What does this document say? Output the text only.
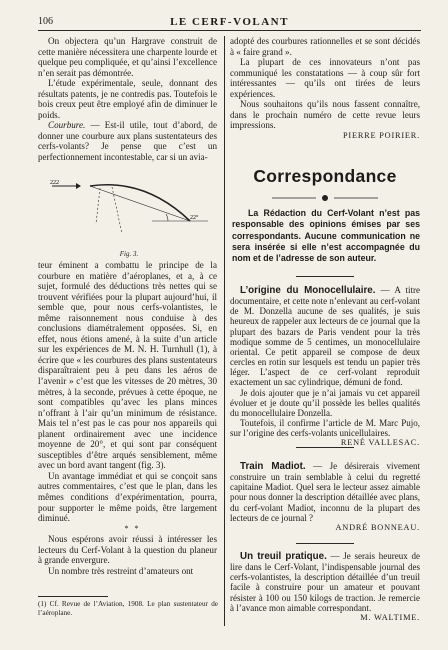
106	LE CERF-VOLANT

On objectera qu’un Hargrave construit de cette manière nécessitera une charpente lourde et quelque peu compliquée, et qu’ainsi l’excellence n’en serait pas démontrée.

L’étude expérimentale, seule, donnant des résultats patents, je ne contredis pas. Toutefois le bois creux peut être employé afin de diminuer le poids.

Courbure. — Est-il utile, tout d’abord, de donner une courbure aux plans sustentateurs des cerfs-volants? Je pense que c’est un perfectionnement incontestable, car si un avia-

222
22°
Fig. 3.

teur éminent a combattu le principe de la courbure en matière d’aéroplanes, et a, à ce sujet, formulé des déductions très nettes qui se trouvent vérifiées pour la plupart aujourd’hui, il semble que, pour nous cerfs-volantistes, le même raisonnement nous conduise à des conclusions diamétralement opposées. Si, en effet, nous étions amené, à la suite d’un article sur les expériences de M. N. H. Turnhull (1), à écrire que « les courbures des plans sustentateurs disparaîtraient peu à peu dans les aéros de l’avenir » c’est que les vitesses de 20 mètres, 30 mètres, à la seconde, prévues à cette époque, ne sont compatibles qu’avec les plans minces n’offrant à l’air qu’un minimum de résistance. Mais tel n’est pas le cas pour nos appareils qui planent ordinairement avec une incidence moyenne de 20°, et qui sont par conséquent susceptibles d’être arqués sensiblement, même avec un bord avant tangent (fig. 3).

Un avantage immédiat et qui se conçoit sans autres commentaires, c’est que le plan, dans les mêmes conditions d’expérimentation, pourra, pour supporter le même poids, être largement diminué.

* *

Nous espérons avoir réussi à intéresser les lecteurs du Cerf-Volant à la question du planeur à grande envergure.

Un nombre très restreint d’amateurs ont

(1) Cf. Revue de l’Aviation, 1908. Le plan sustentateur de l’aéroplane.

adopté des courbures rationnelles et se sont décidés à « faire grand ».

La plupart de ces innovateurs n’ont pas communiqué les constatations — à coup sûr fort intéressantes — qu’ils ont tirées de leurs expériences.

Nous souhaitons qu’ils nous fassent connaître, dans le prochain numéro de cette revue leurs impressions.

PIERRE POIRIER.

Correspondance

La Rédaction du Cerf-Volant n’est pas responsable des opinions émises par ses correspondants. Aucune communication ne sera insérée si elle n’est accompagnée du nom et de l’adresse de son auteur.

L’origine du Monocellulaire. — A titre documentaire, et cette note n’enlevant au cerf-volant de M. Donzella aucune de ses qualités, je suis heureux de rappeler aux lecteurs de ce journal que la plupart des bazars de Paris vendent pour la très modique somme de 5 centimes, un monocellulaire oriental. Ce petit appareil se compose de deux cercles en rotin sur lesquels est tendu un papier très léger. L’aspect de ce cerf-volant reproduit exactement un sac cylindrique, démuni de fond.

Je dois ajouter que je n’ai jamais vu cet appareil évoluer et je doute qu’il possède les belles qualités du monocellulaire Donzella.

Toutefois, il confirme l’article de M. Marc Pujo, sur l’origine des cerfs-volants unicellulaires.

RENÉ VALLESAC.

Train Madiot. — Je désirerais vivement construire un train semblable à celui du regretté capitaine Madiot. Quel sera le lecteur assez aimable pour nous donner la description détaillée avec plans, du cerf-volant Madiot, inconnu de la plupart des lecteurs de ce journal ?

ANDRÉ BONNEAU.

Un treuil pratique. — Je serais heureux de lire dans le Cerf-Volant, l’indispensable journal des cerfs-volantistes, la description détaillée d’un treuil facile à construire pour un amateur et pouvant résister à 100 ou 150 kilogs de traction. Je remercie à l’avance mon aimable correspondant.

M. WALTIME.
